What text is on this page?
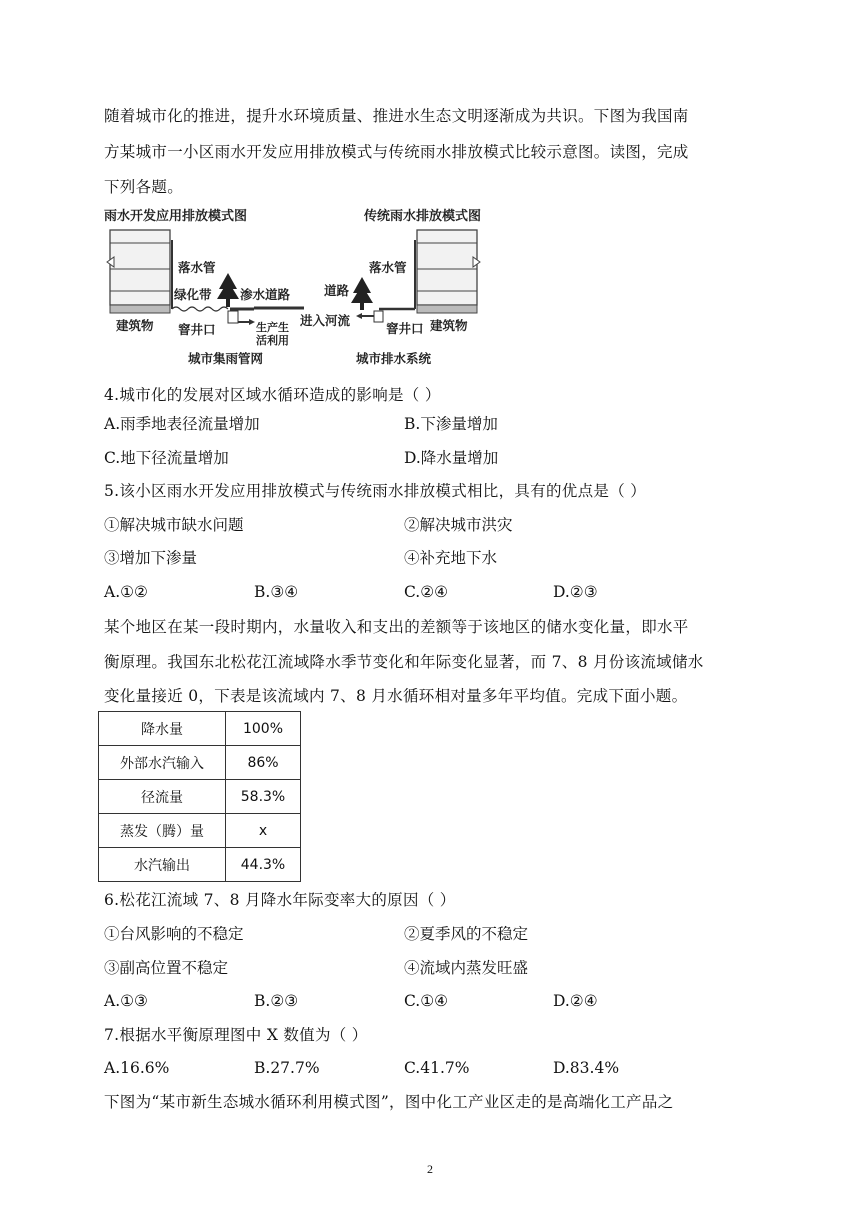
随着城市化的推进，提升水环境质量、推进水生态文明逐渐成为共识。下图为我国南
方某城市一小区雨水开发应用排放模式与传统雨水排放模式比较示意图。读图，完成
下列各题。
雨水开发应用排放模式图
落水管
绿化带 渗水道路
建筑物 窨井口	生产生
活利用
城市集雨管网
传统雨水排放模式图
落水管
道路
进入河流
窨井口 建筑物
城市排水系统
4.城市化的发展对区域水循环造成的影响是（ ）
A.雨季地表径流量增加	B.下渗量增加
C.地下径流量增加	D.降水量增加
5.该小区雨水开发应用排放模式与传统雨水排放模式相比，具有的优点是（ ）
①解决城市缺水问题	②解决城市洪灾
③增加下渗量	④补充地下水
A.①②	B.③④	C.②④	D.②③
某个地区在某一段时期内，水量收入和支出的差额等于该地区的储水变化量，即水平
衡原理。我国东北松花江流域降水季节变化和年际变化显著，而 7、8 月份该流域储水
变化量接近 0，下表是该流域内 7、8 月水循环相对量多年平均值。完成下面小题。
降水量	100%
外部水汽输入	86%
径流量	58.3%
蒸发（腾）量	x
水汽输出	44.3%
6.松花江流域 7、8 月降水年际变率大的原因（ ）
①台风影响的不稳定	②夏季风的不稳定
③副高位置不稳定	④流域内蒸发旺盛
A.①③	B.②③	C.①④	D.②④
7.根据水平衡原理图中 X 数值为（ ）
A.16.6%	B.27.7%	C.41.7%	D.83.4%
下图为“某市新生态城水循环利用模式图”，图中化工产业区走的是高端化工产品之
2
